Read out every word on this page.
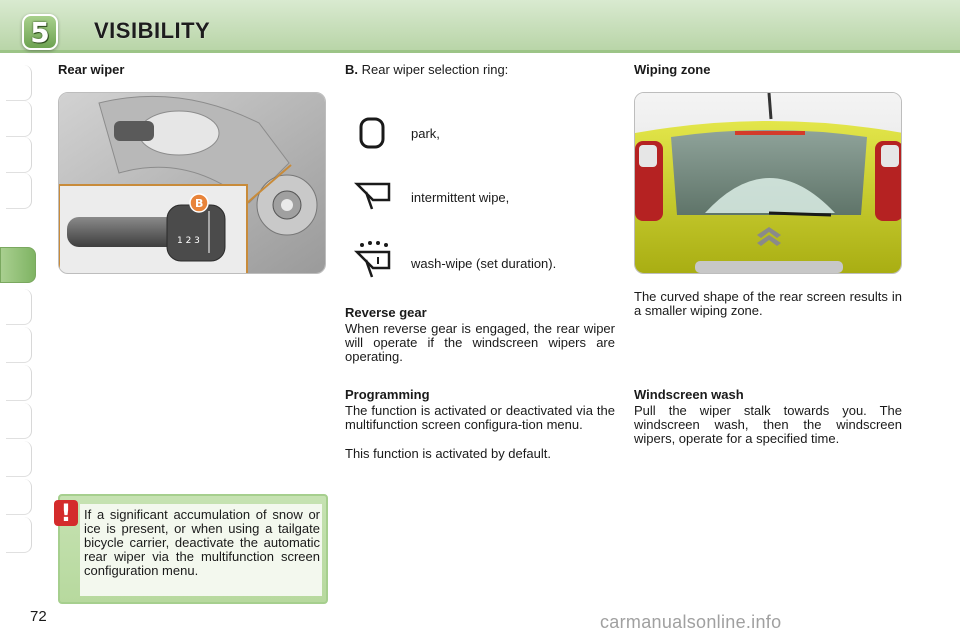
5 VISIBILITY
Rear wiper
1 2 3
B
! If a significant accumulation of snow or ice is present, or when using a tailgate bicycle carrier, deactivate the automatic rear wiper via the multifunction screen configuration menu.
B. Rear wiper selection ring:
park,
intermittent wipe,
wash-wipe (set duration).
Reverse gear
When reverse gear is engaged, the rear wiper will operate if the windscreen wipers are operating.
Programming
The function is activated or deactivated via the multifunction screen configura-tion menu.
This function is activated by default.
Wiping zone
The curved shape of the rear screen results in a smaller wiping zone.
Windscreen wash
Pull the wiper stalk towards you. The windscreen wash, then the windscreen wipers, operate for a specified time.
72	carmanualsonline.info
